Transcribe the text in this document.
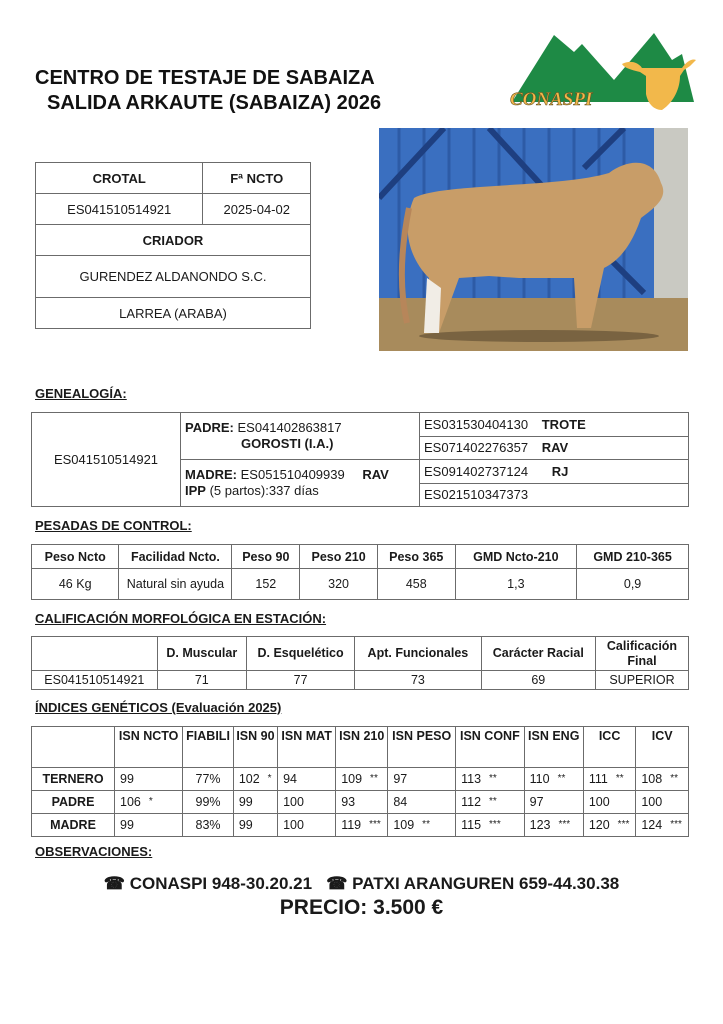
CENTRO DE TESTAJE DE SABAIZA
SALIDA ARKAUTE (SABAIZA) 2026	CONASPI
CROTAL	Fª NCTO
ES041510514921	2025-04-02
CRIADOR	
GURENDEZ ALDANONDO S.C.	
LARREA (ARABA)	
GENEALOGÍA:
ES041510514921	PADRE: ES041402863817
GOROSTI (I.A.)	ES031530404130 TROTE
		ES071402276357 RAV
	MADRE: ES051510409939 RAV
IPP (5 partos):337 días	ES091402737124 RJ
		ES021510347373
PESADAS DE CONTROL:
Peso Ncto	Facilidad Ncto.	Peso 90	Peso 210	Peso 365	GMD Ncto-210	GMD 210-365
46 Kg	Natural sin ayuda	152	320	458	1,3	0,9
CALIFICACIÓN MORFOLÓGICA EN ESTACIÓN:
	D. Muscular	D. Esquelético	Apt. Funcionales	Carácter Racial	Calificación Final
ES041510514921	71	77	73	69	SUPERIOR
ÍNDICES GENÉTICOS (Evaluación 2025)
	ISN NCTO	FIABILI	ISN 90	ISN MAT	ISN 210	ISN PESO	ISN CONF	ISN ENG	ICC	ICV
TERNERO	99	77%	102 *	94	109 **	97	113 **	110 **	111 **	108 **
PADRE	106 *	99%	99	100	93	84	112 **	97	100	100
MADRE	99	83%	99	100	119 ***	109 **	115 ***	123 ***	120 ***	124 ***
OBSERVACIONES:
☎ CONASPI 948-30.20.21 ☎ PATXI ARANGUREN 659-44.30.38
PRECIO: 3.500 €
